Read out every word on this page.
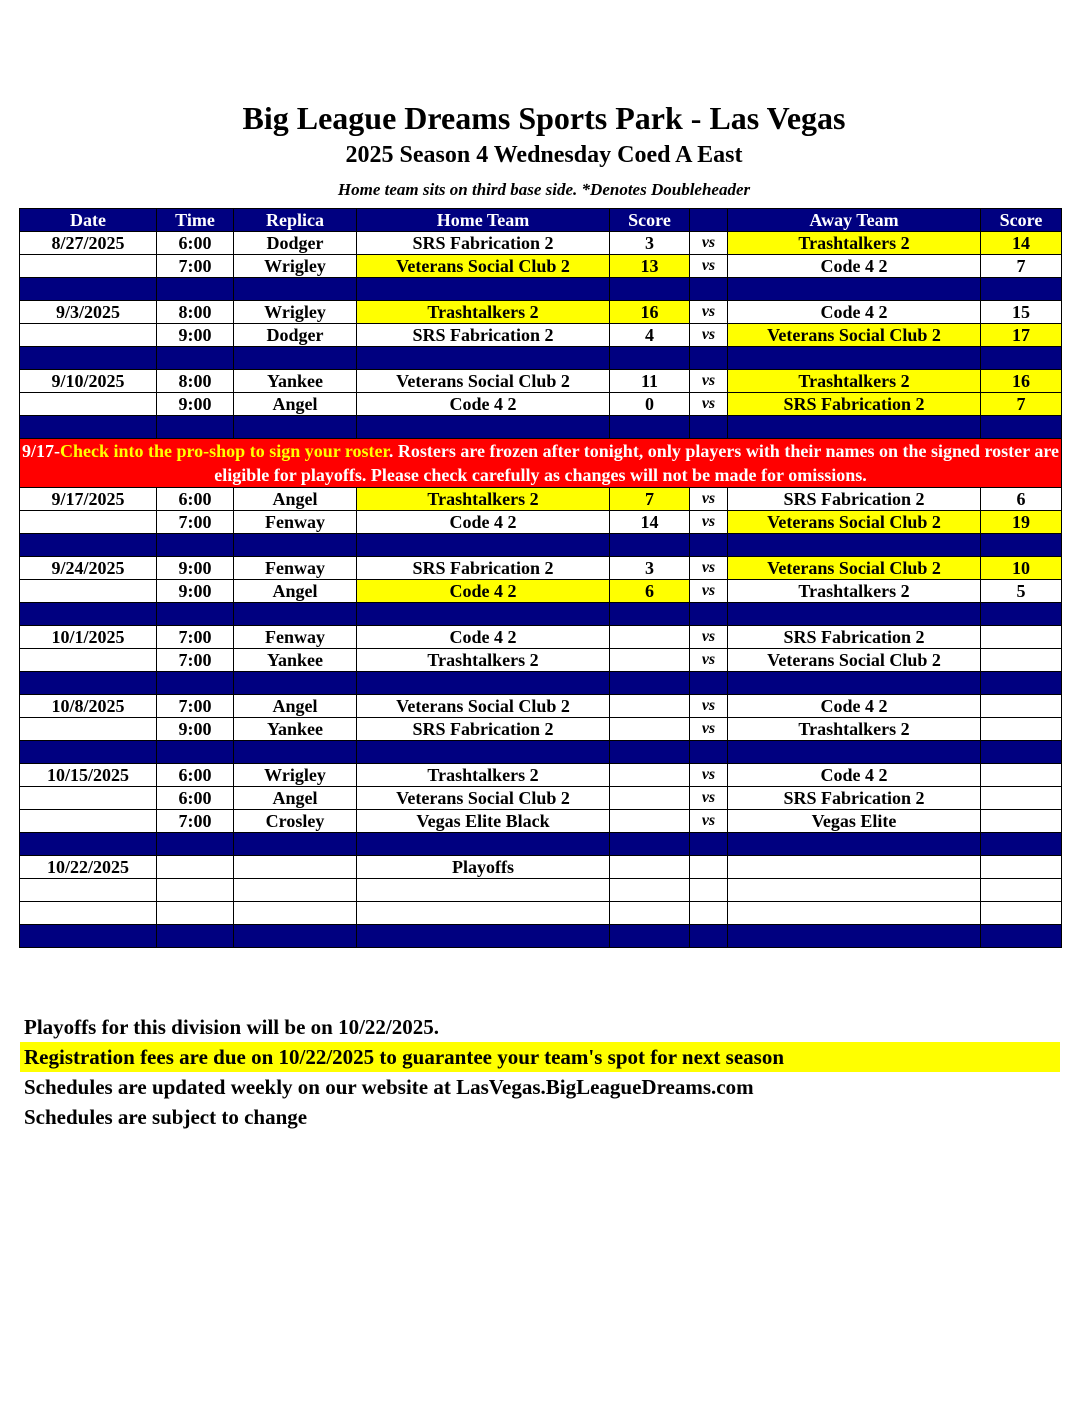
Big League Dreams Sports Park - Las Vegas
2025 Season 4 Wednesday Coed A East
Home team sits on third base side. *Denotes Doubleheader
Date	Time	Replica	Home Team	Score		Away Team	Score
8/27/2025	6:00	Dodger	SRS Fabrication 2	3	vs	Trashtalkers 2	14
	7:00	Wrigley	Veterans Social Club 2	13	vs	Code 4 2	7

9/3/2025	8:00	Wrigley	Trashtalkers 2	16	vs	Code 4 2	15
	9:00	Dodger	SRS Fabrication 2	4	vs	Veterans Social Club 2	17

9/10/2025	8:00	Yankee	Veterans Social Club 2	11	vs	Trashtalkers 2	16
	9:00	Angel	Code 4 2	0	vs	SRS Fabrication 2	7

9/17-Check into the pro-shop to sign your roster. Rosters are frozen after tonight, only players with their names on the signed roster are eligible for playoffs. Please check carefully as changes will not be made for omissions.							
9/17/2025	6:00	Angel	Trashtalkers 2	7	vs	SRS Fabrication 2	6
	7:00	Fenway	Code 4 2	14	vs	Veterans Social Club 2	19

9/24/2025	9:00	Fenway	SRS Fabrication 2	3	vs	Veterans Social Club 2	10
	9:00	Angel	Code 4 2	6	vs	Trashtalkers 2	5

10/1/2025	7:00	Fenway	Code 4 2		vs	SRS Fabrication 2	
	7:00	Yankee	Trashtalkers 2		vs	Veterans Social Club 2	

10/8/2025	7:00	Angel	Veterans Social Club 2		vs	Code 4 2	
	9:00	Yankee	SRS Fabrication 2		vs	Trashtalkers 2	

10/15/2025	6:00	Wrigley	Trashtalkers 2		vs	Code 4 2	
	6:00	Angel	Veterans Social Club 2		vs	SRS Fabrication 2	
	7:00	Crosley	Vegas Elite Black		vs	Vegas Elite	

10/22/2025			Playoffs				

Playoffs for this division will be on 10/22/2025.
Registration fees are due on 10/22/2025 to guarantee your team's spot for next season
Schedules are updated weekly on our website at LasVegas.BigLeagueDreams.com
Schedules are subject to change
